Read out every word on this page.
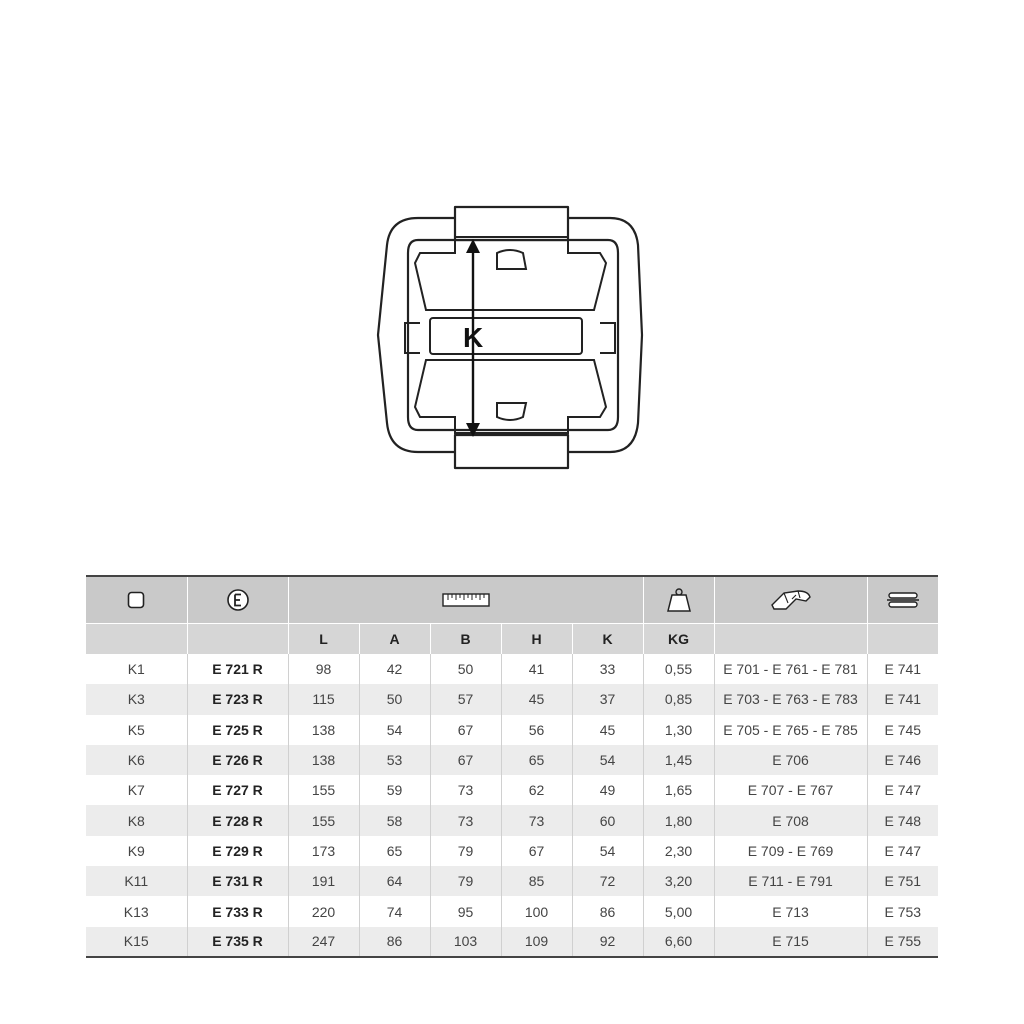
K

		L	A	B	H	K	KG		
K1	E 721 R	98	42	50	41	33	0,55	E 701 - E 761 - E 781	E 741
K3	E 723 R	115	50	57	45	37	0,85	E 703 - E 763 - E 783	E 741
K5	E 725 R	138	54	67	56	45	1,30	E 705 - E 765 - E 785	E 745
K6	E 726 R	138	53	67	65	54	1,45	E 706	E 746
K7	E 727 R	155	59	73	62	49	1,65	E 707 - E 767	E 747
K8	E 728 R	155	58	73	73	60	1,80	E 708	E 748
K9	E 729 R	173	65	79	67	54	2,30	E 709 - E 769	E 747
K11	E 731 R	191	64	79	85	72	3,20	E 711 - E 791	E 751
K13	E 733 R	220	74	95	100	86	5,00	E 713	E 753
K15	E 735 R	247	86	103	109	92	6,60	E 715	E 755
